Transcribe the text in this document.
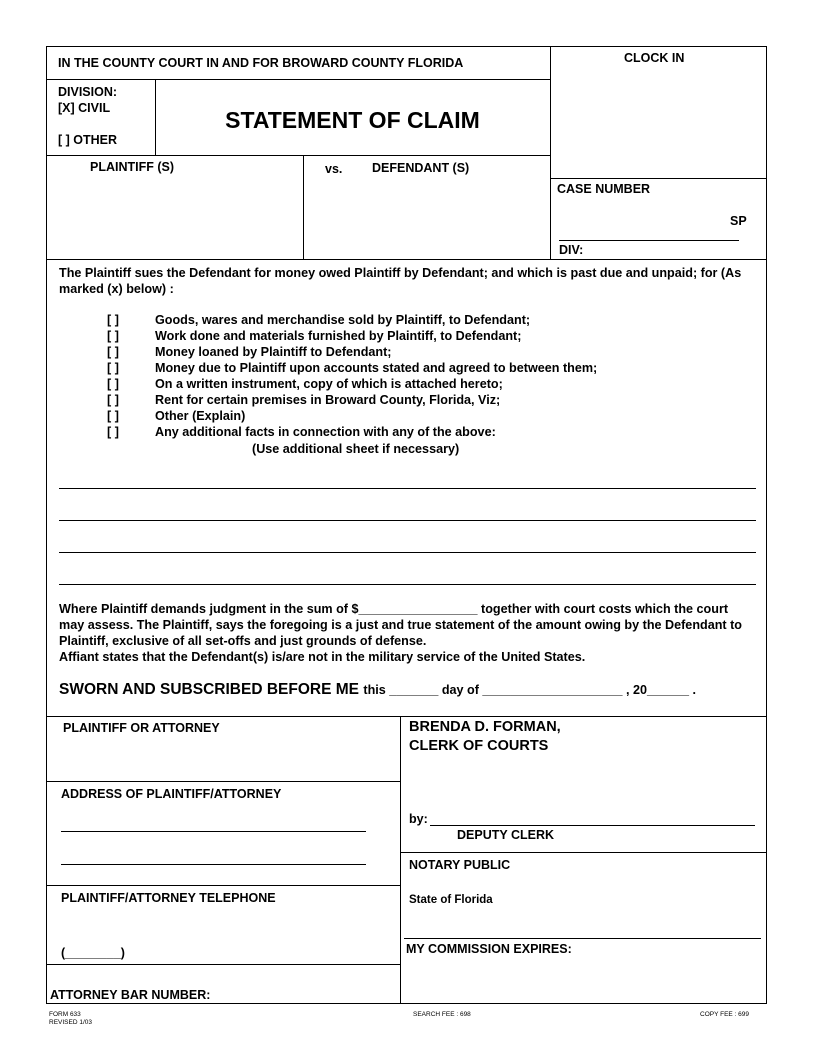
IN THE COUNTY COURT IN AND FOR BROWARD COUNTY FLORIDA	CLOCK IN
DIVISION:
[X] CIVIL
[ ] OTHER
STATEMENT OF CLAIM
PLAINTIFF (S)	vs. DEFENDANT (S)
CASE NUMBER
SP
DIV:
The Plaintiff sues the Defendant for money owed Plaintiff by Defendant; and which is past due and unpaid; for (As marked (x) below) :
[ ]	Goods, wares and merchandise sold by Plaintiff, to Defendant;
[ ]	Work done and materials furnished by Plaintiff, to Defendant;
[ ]	Money loaned by Plaintiff to Defendant;
[ ]	Money due to Plaintiff upon accounts stated and agreed to between them;
[ ]	On a written instrument, copy of which is attached hereto;
[ ]	Rent for certain premises in Broward County, Florida, Viz;
[ ]	Other (Explain)
[ ]	Any additional facts in connection with any of the above:
(Use additional sheet if necessary)
Where Plaintiff demands judgment in the sum of $_________________ together with court costs which the court may assess. The Plaintiff, says the foregoing is a just and true statement of the amount owing by the Defendant to Plaintiff, exclusive of all set-offs and just grounds of defense.
Affiant states that the Defendant(s) is/are not in the military service of the United States.
SWORN AND SUBSCRIBED BEFORE ME this _______ day of ____________________ , 20______ .
PLAINTIFF OR ATTORNEY
ADDRESS OF PLAINTIFF/ATTORNEY
PLAINTIFF/ATTORNEY TELEPHONE
(________)
ATTORNEY BAR NUMBER:
BRENDA D. FORMAN,
CLERK OF COURTS
by:
DEPUTY CLERK
NOTARY PUBLIC
State of Florida
MY COMMISSION EXPIRES:
FORM 633
REVISED 1/03
SEARCH FEE : 698	COPY FEE : 699
